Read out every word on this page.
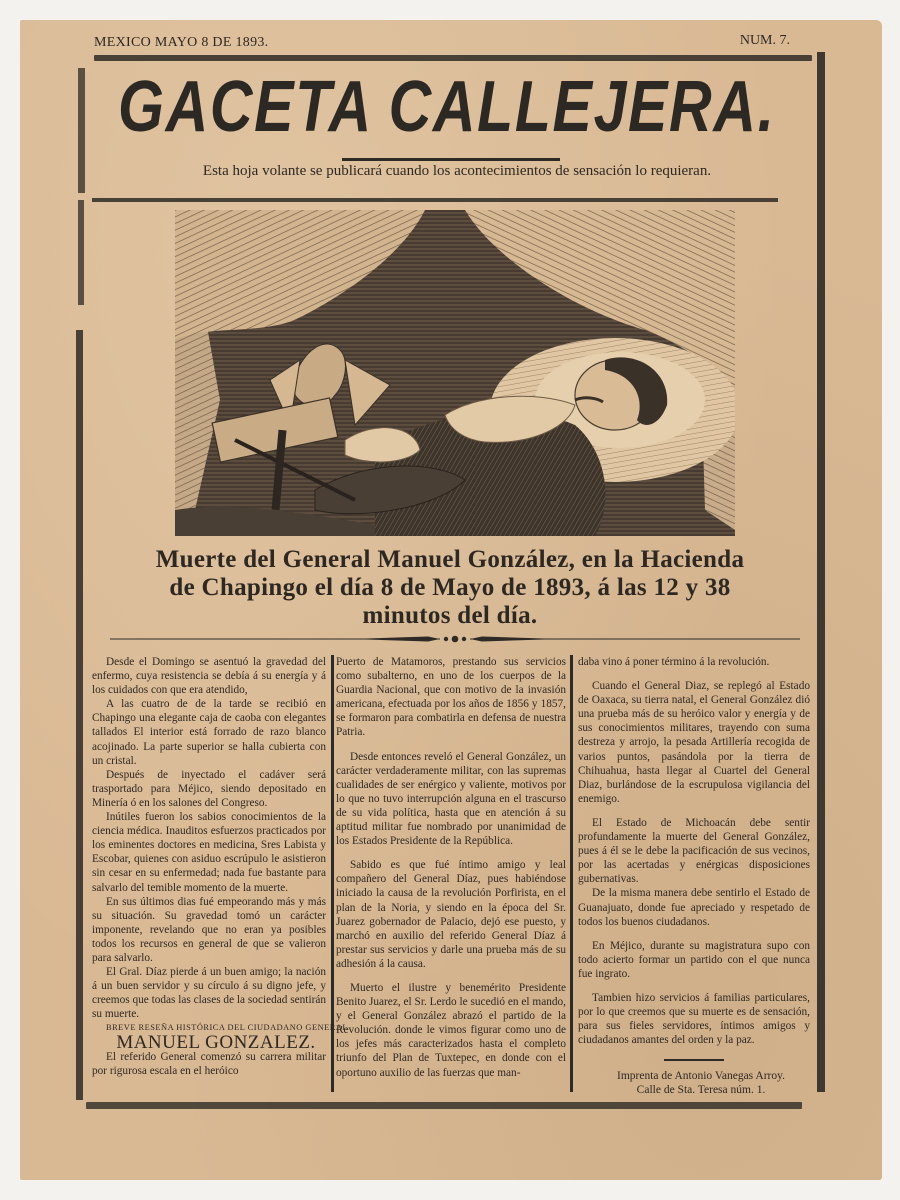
MEXICO MAYO 8 DE 1893.	NUM. 7.
GACETA CALLEJERA.
Esta hoja volante se publicará cuando los acontecimientos de sensación lo requieran.
Muerte del General Manuel González, en la Hacienda
de Chapingo el día 8 de Mayo de 1893, á las 12 y 38
minutos del día.

Desde el Domingo se asentuó la gravedad del enfermo, cuya resistencia se debía á su energía y á los cuidados con que era atendido,

A las cuatro de de la tarde se recibió en Chapingo una elegante caja de caoba con elegantes tallados El interior está forrado de razo blanco acojinado. La parte superior se halla cubierta con un cristal.

Después de inyectado el cadáver será trasportado para Méjico, siendo depositado en Minería ó en los salones del Congreso.

Inútiles fueron los sabios conocimientos de la ciencia médica. Inauditos esfuerzos practicados por los eminentes doctores en medicina, Sres Labista y Escobar, quienes con asiduo escrúpulo le asistieron sin cesar en su enfermedad; nada fue bastante para salvarlo del temible momento de la muerte.

En sus últimos dias fué empeorando más y más su situación. Su gravedad tomó un carácter imponente, revelando que no eran ya posibles todos los recursos en general de que se valieron para salvarlo.

El Gral. Díaz pierde á un buen amigo; la nación á un buen servidor y su círculo á su digno jefe, y creemos que todas las clases de la sociedad sentirán su muerte.

BREVE RESEÑA HISTÓRICA DEL CIUDADANO GENERAL

MANUEL GONZALEZ.

El referido General comenzó su carrera militar por rigurosa escala en el heróico

Puerto de Matamoros, prestando sus servicios como subalterno, en uno de los cuerpos de la Guardia Nacional, que con motivo de la invasión americana, efectuada por los años de 1856 y 1857, se formaron para combatirla en defensa de nuestra Patria.

Desde entonces reveló el General González, un carácter verdaderamente militar, con las supremas cualidades de ser enérgico y valiente, motivos por lo que no tuvo interrupción alguna en el trascurso de su vida política, hasta que en atención á su aptitud militar fue nombrado por unanimidad de los Estados Presidente de la República.

Sabido es que fué íntimo amigo y leal compañero del General Díaz, pues habiéndose iniciado la causa de la revolución Porfirista, en el plan de la Noria, y siendo en la época del Sr. Juarez gobernador de Palacio, dejó ese puesto, y marchó en auxilio del referido General Díaz á prestar sus servicios y darle una prueba más de su adhesión á la causa.

Muerto el ilustre y benemérito Presidente Benito Juarez, el Sr. Lerdo le sucedió en el mando, y el General González abrazó el partido de la Revolución. donde le vimos figurar como uno de los jefes más caracterizados hasta el completo triunfo del Plan de Tuxtepec, en donde con el oportuno auxilio de las fuerzas que man-

daba vino á poner término á la revolución.

Cuando el General Diaz, se replegó al Estado de Oaxaca, su tierra natal, el General González dió una prueba más de su heróico valor y energía y de sus conocimientos militares, trayendo con suma destreza y arrojo, la pesada Artillería recogida de varios puntos, pasándola por la tierra de Chihuahua, hasta llegar al Cuartel del General Diaz, burlándose de la escrupulosa vigilancia del enemigo.

El Estado de Michoacán debe sentir profundamente la muerte del General González, pues á él se le debe la pacificación de sus vecinos, por las acertadas y enérgicas disposiciones gubernativas.

De la misma manera debe sentirlo el Estado de Guanajuato, donde fue apreciado y respetado de todos los buenos ciudadanos.

En Méjico, durante su magistratura supo con todo acierto formar un partido con el que nunca fue ingrato.

Tambien hizo servicios á familias particulares, por lo que creemos que su muerte es de sensación, para sus fieles servidores, íntimos amigos y ciudadanos amantes del orden y la paz.

Imprenta de Antonio Vanegas Arroy.

Calle de Sta. Teresa núm. 1.
